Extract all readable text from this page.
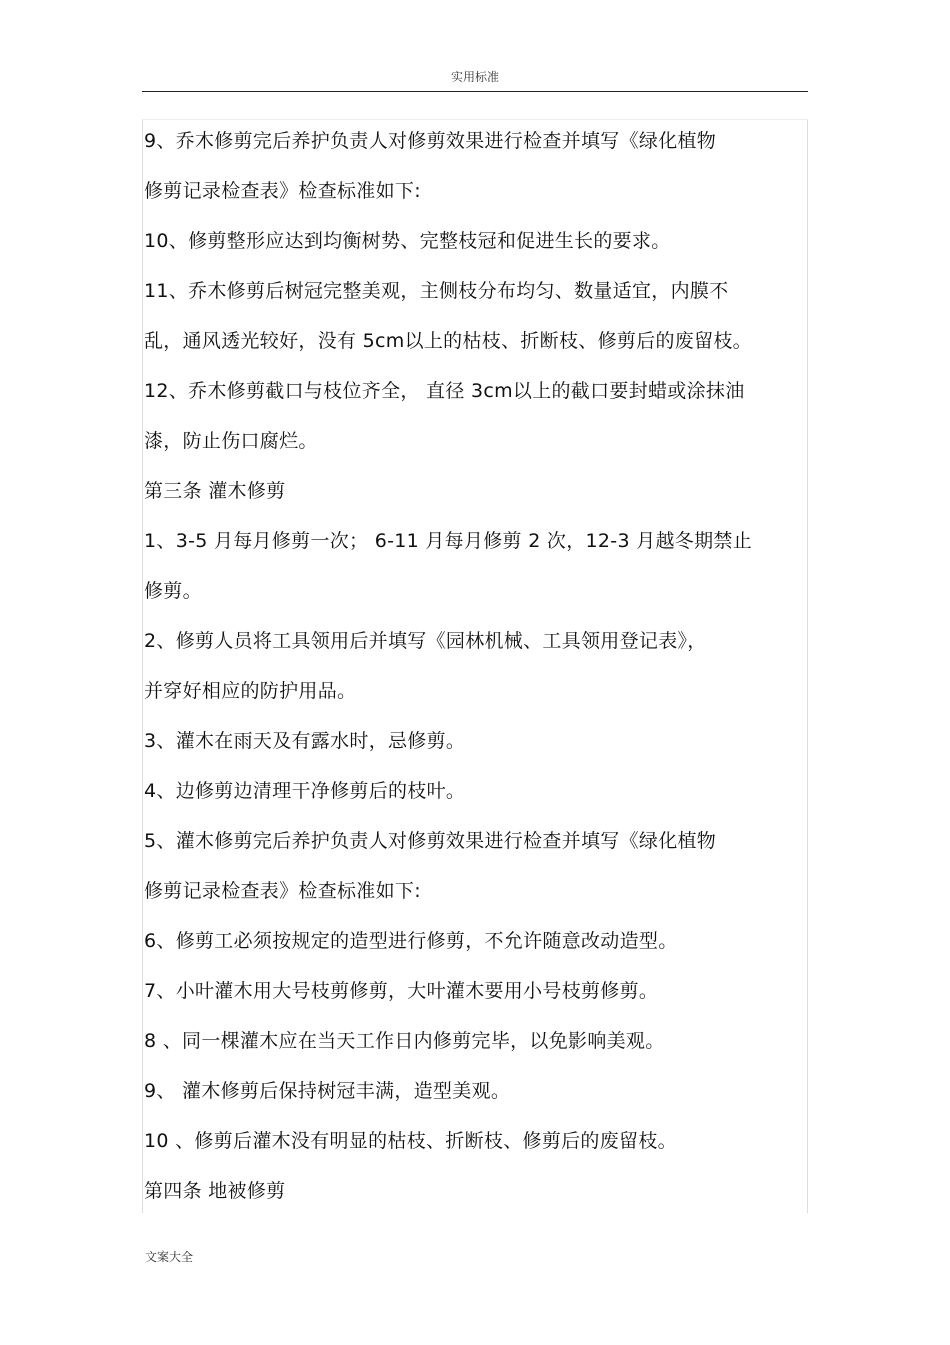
实用标准
9、乔木修剪完后养护负责人对修剪效果进行检查并填写《绿化植物
修剪记录检查表》检查标准如下:
10、修剪整形应达到均衡树势、完整枝冠和促进生长的要求。
11、乔木修剪后树冠完整美观，主侧枝分布均匀、数量适宜，内膜不
乱，通风透光较好，没有 5cm以上的枯枝、折断枝、修剪后的废留枝。
12、乔木修剪截口与枝位齐全， 直径 3cm以上的截口要封蜡或涂抹油
漆，防止伤口腐烂。
第三条 灌木修剪
1、3-5 月每月修剪一次； 6-11 月每月修剪 2 次，12-3 月越冬期禁止
修剪。
2、修剪人员将工具领用后并填写《园林机械、工具领用登记表》，
并穿好相应的防护用品。
3、灌木在雨天及有露水时，忌修剪。
4、边修剪边清理干净修剪后的枝叶。
5、灌木修剪完后养护负责人对修剪效果进行检查并填写《绿化植物
修剪记录检查表》检查标准如下:
6、修剪工必须按规定的造型进行修剪，不允许随意改动造型。
7、小叶灌木用大号枝剪修剪，大叶灌木要用小号枝剪修剪。
8 、同一棵灌木应在当天工作日内修剪完毕，以免影响美观。
9、 灌木修剪后保持树冠丰满，造型美观。
10 、修剪后灌木没有明显的枯枝、折断枝、修剪后的废留枝。
第四条 地被修剪
文案大全
